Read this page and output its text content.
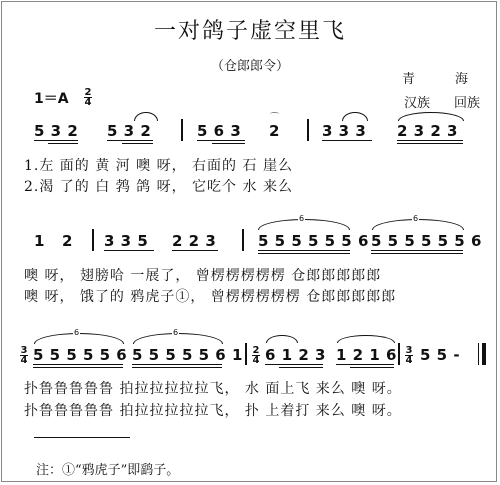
一对鸽子虚空里飞
（仓郎郎令）
青	海
汉族 回族
$1=A \frac{2}{4}$
5 3 2 5 3 2	5 6 3 2
⌒
3 3 3 2 3 2 3
1.左 面的 黄 河 噢 呀， 右面的 石 崖么
2.渴 了的 白 鹁 鸽 呀， 它吃个 水 来么
1 2 3 3 5 2 2 3	5 5 5 5 5 5 6 5 5 5 5 5 5 6
6	6
噢 呀， 翅膀哈 一展了， 曾楞楞楞楞楞 仓郎郎郎郎郎
噢 呀， 饿了的 鸦虎子①， 曾楞楞楞楞楞 仓郎郎郎郎郎
$\frac{3}{4} 5$ 5 5 5 5 6 5 5 5 5 5 6 $1 \frac{2}{4} 6$ 1 2 3 1 2 1 $6 \frac{3}{4} 5$ 5 -
6	6
扑鲁鲁鲁鲁鲁 拍拉拉拉拉拉飞， 水 面上飞 来么 噢 呀。
扑鲁鲁鲁鲁鲁 拍拉拉拉拉拉飞， 扑 上着打 来么 噢 呀。
注：①“鸦虎子”即鹞子。
